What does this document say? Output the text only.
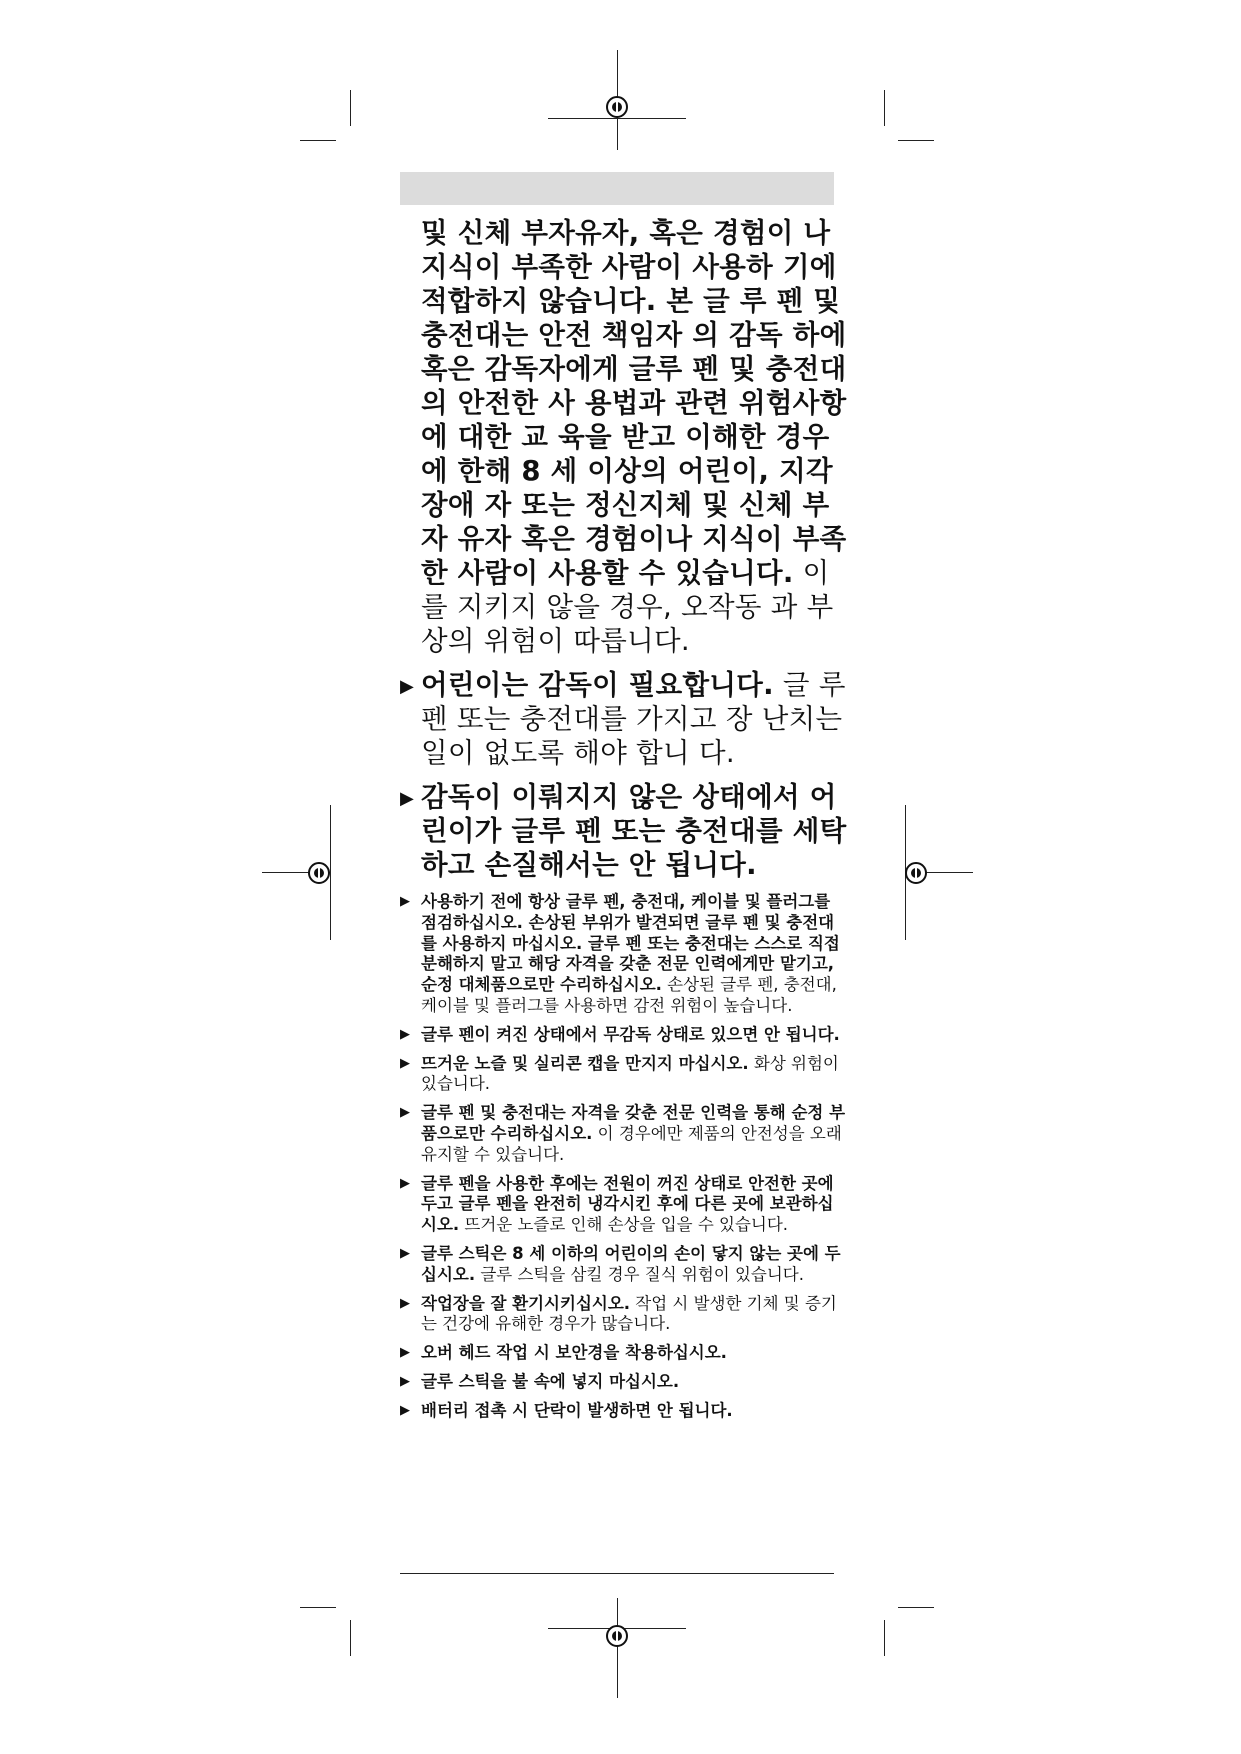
및 신체 부자유자, 혹은 경험이 나 지식이 부족한 사람이 사용하 기에 적합하지 않습니다. 본 글 루 펜 및 충전대는 안전 책임자 의 감독 하에 혹은 감독자에게 글루 펜 및 충전대의 안전한 사 용법과 관련 위험사항에 대한 교 육을 받고 이해한 경우에 한해 8 세 이상의 어린이, 지각 장애 자 또는 정신지체 및 신체 부자 유자 혹은 경험이나 지식이 부족 한 사람이 사용할 수 있습니다. 이를 지키지 않을 경우, 오작동 과 부상의 위험이 따릅니다.

▶ 어린이는 감독이 필요합니다. 글 루 펜 또는 충전대를 가지고 장 난치는 일이 없도록 해야 합니 다.
▶ 감독이 이뤄지지 않은 상태에서 어린이가 글루 펜 또는 충전대를 세탁하고 손질해서는 안 됩니다.
▶ 사용하기 전에 항상 글루 펜, 충전대, 케이블 및 플러그를 점검하십시오. 손상된 부위가 발견되면 글루 펜 및 충전대를 사용하지 마십시오. 글루 펜 또는 충전대는 스스로 직접 분해하지 말고 해당 자격을 갖춘 전문 인력에게만 맡기고, 순정 대체품으로만 수리하십시오. 손상된 글루 펜, 충전대, 케이블 및 플러그를 사용하면 감전 위험이 높습니다.
▶ 글루 펜이 켜진 상태에서 무감독 상태로 있으면 안 됩니다.
▶ 뜨거운 노즐 및 실리콘 캡을 만지지 마십시오. 화상 위험이 있습니다.
▶ 글루 펜 및 충전대는 자격을 갖춘 전문 인력을 통해 순정 부품으로만 수리하십시오. 이 경우에만 제품의 안전성을 오래 유지할 수 있습니다.
▶ 글루 펜을 사용한 후에는 전원이 꺼진 상태로 안전한 곳에 두고 글루 펜을 완전히 냉각시킨 후에 다른 곳에 보관하십시오. 뜨거운 노즐로 인해 손상을 입을 수 있습니다.
▶ 글루 스틱은 8 세 이하의 어린이의 손이 닿지 않는 곳에 두십시오. 글루 스틱을 삼킬 경우 질식 위험이 있습니다.
▶ 작업장을 잘 환기시키십시오. 작업 시 발생한 기체 및 증기는 건강에 유해한 경우가 많습니다.
▶ 오버 헤드 작업 시 보안경을 착용하십시오.
▶ 글루 스틱을 불 속에 넣지 마십시오.
▶ 배터리 접촉 시 단락이 발생하면 안 됩니다.
